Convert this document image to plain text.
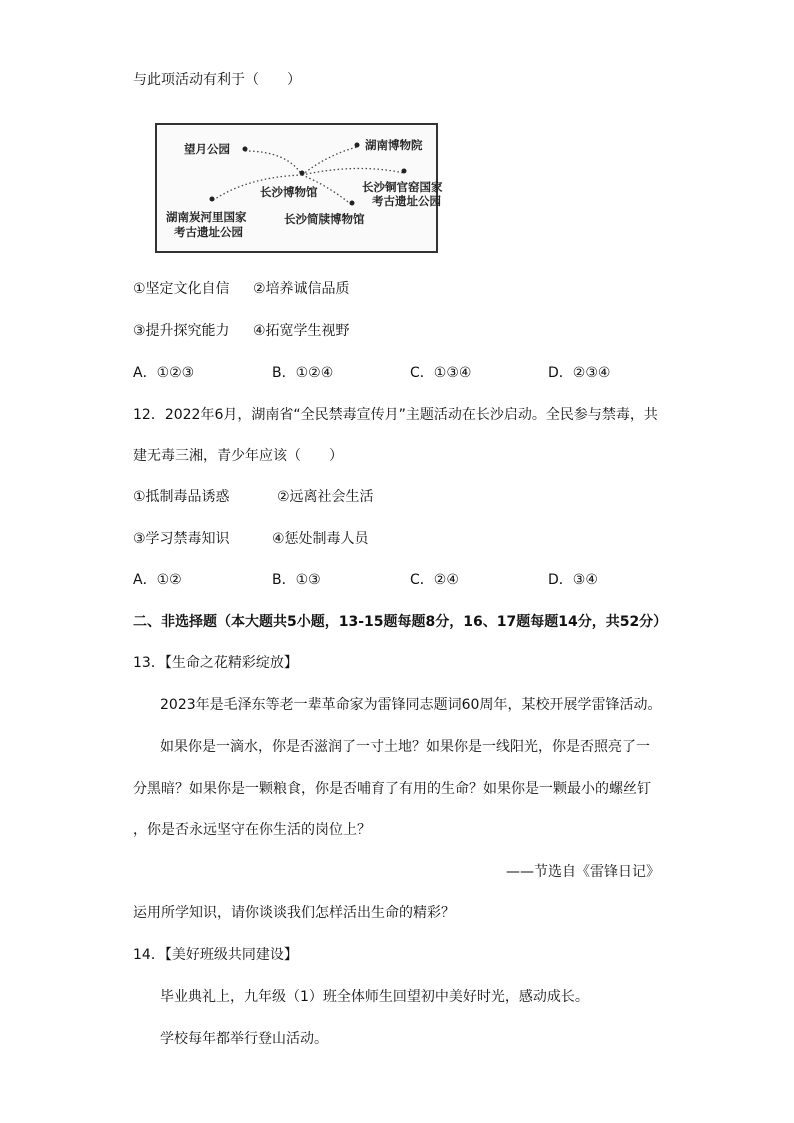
与此项活动有利于（　　）
望月公园	湖南博物院
长沙博物馆	长沙铜官窑国家
考古遗址公园
湖南炭河里国家
考古遗址公园
长沙简牍博物馆
①坚定文化自信 ②培养诚信品质
③提升探究能力 ④拓宽学生视野
A．①②③	B．①②④	C．①③④	D．②③④
12．2022年6月，湖南省“全民禁毒宣传月”主题活动在长沙启动。全民参与禁毒，共
建无毒三湘，青少年应该（　　）
①抵制毒品诱惑	②远离社会生活
③学习禁毒知识	④惩处制毒人员
A．①②	B．①③	C．②④	D．③④
二、非选择题（本大题共5小题，13-15题每题8分，16、17题每题14分，共52分）
13．【生命之花精彩绽放】
2023年是毛泽东等老一辈革命家为雷锋同志题词60周年，某校开展学雷锋活动。
如果你是一滴水，你是否滋润了一寸土地？如果你是一线阳光，你是否照亮了一
分黑暗？如果你是一颗粮食，你是否哺育了有用的生命？如果你是一颗最小的螺丝钉
，你是否永远坚守在你生活的岗位上？
——节选自《雷锋日记》
运用所学知识，请你谈谈我们怎样活出生命的精彩？
14．【美好班级共同建设】
毕业典礼上，九年级（1）班全体师生回望初中美好时光，感动成长。
学校每年都举行登山活动。
